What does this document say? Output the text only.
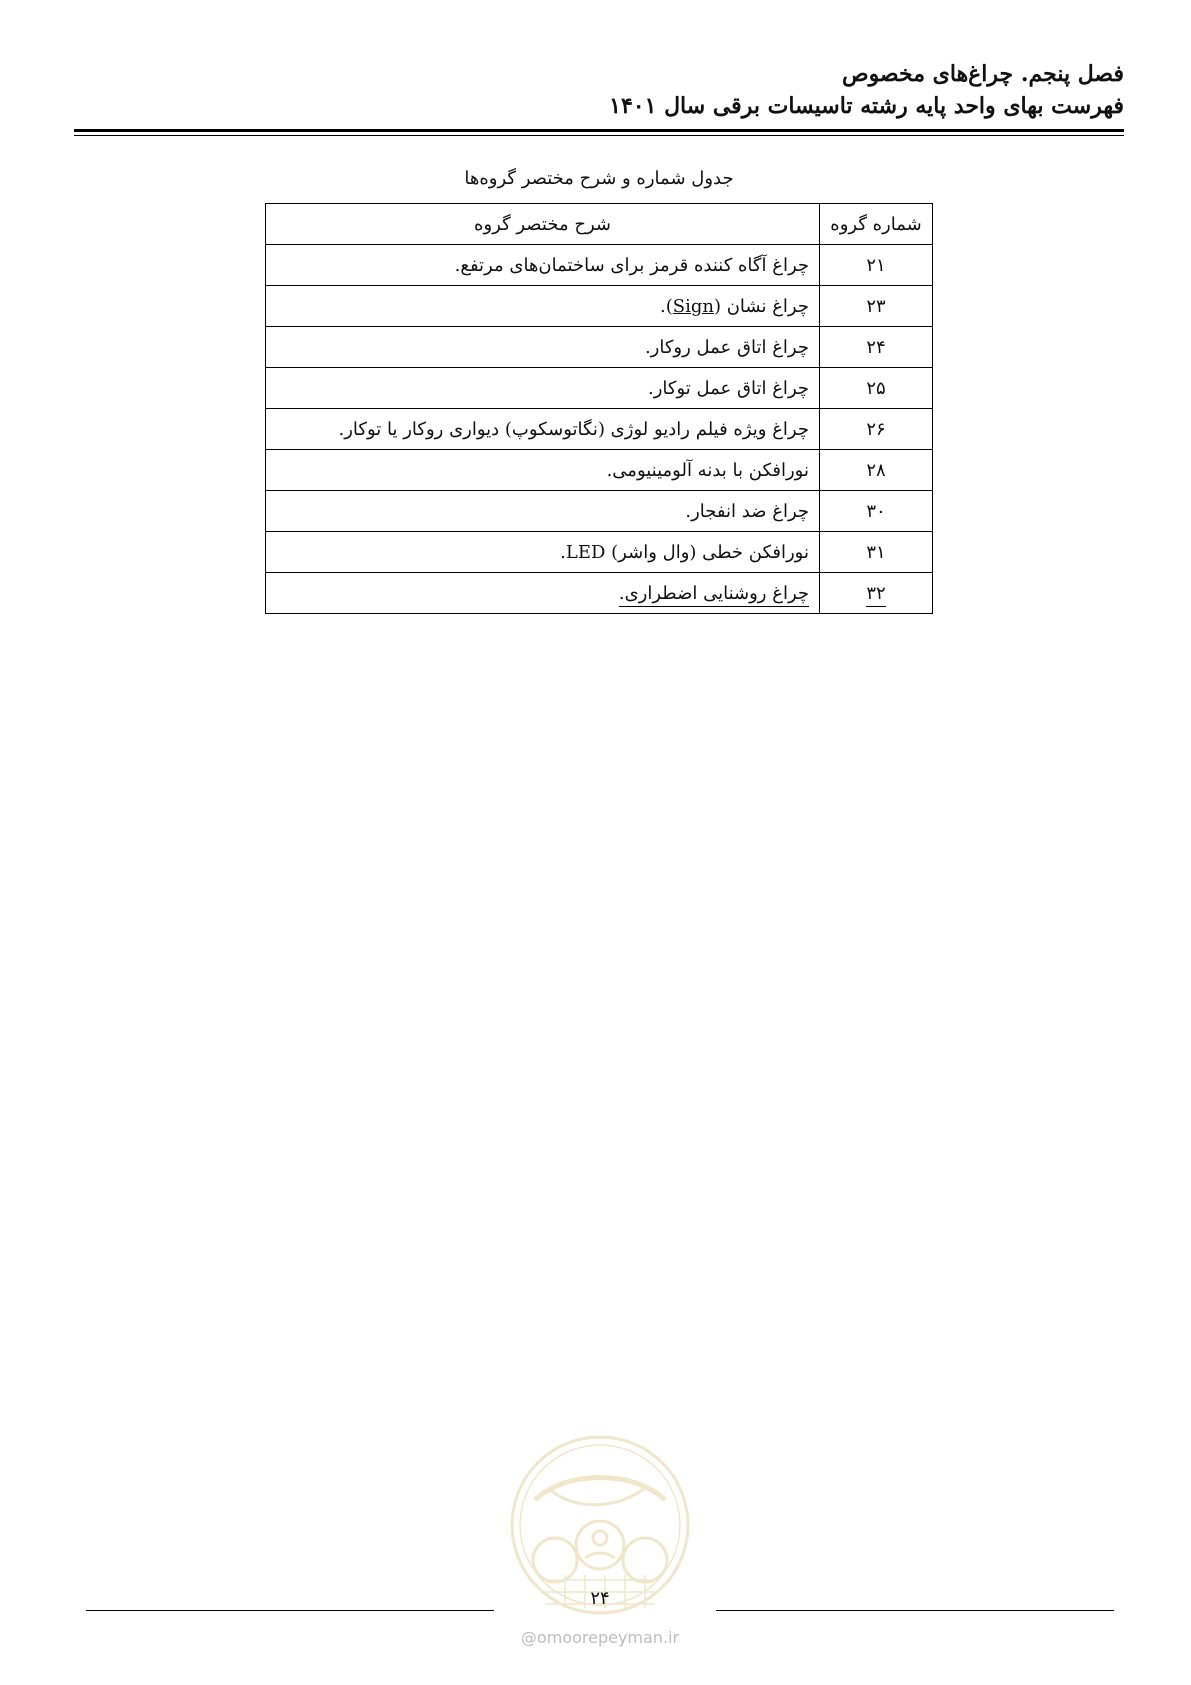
فصل پنجم. چراغ‌های مخصوص
فهرست بهای واحد پایه رشته تاسیسات برقی سال ۱۴۰۱
جدول شماره و شرح مختصر گروه‌ها
شماره گروه	شرح مختصر گروه
۲۱	چراغ آگاه کننده قرمز برای ساختمان‌های مرتفع.
۲۳	چراغ نشان (Sign).
۲۴	چراغ اتاق عمل روکار.
۲۵	چراغ اتاق عمل توکار.
۲۶	چراغ ویژه فیلم رادیو لوژی (نگاتوسکوپ) دیواری روکار یا توکار.
۲۸	نورافکن با بدنه آلومینیومی.
۳۰	چراغ ضد انفجار.
۳۱	نورافکن خطی (وال واشر) LED.
۳۲	چراغ روشنایی اضطراری.
۲۴
@omoorepeyman.ir
